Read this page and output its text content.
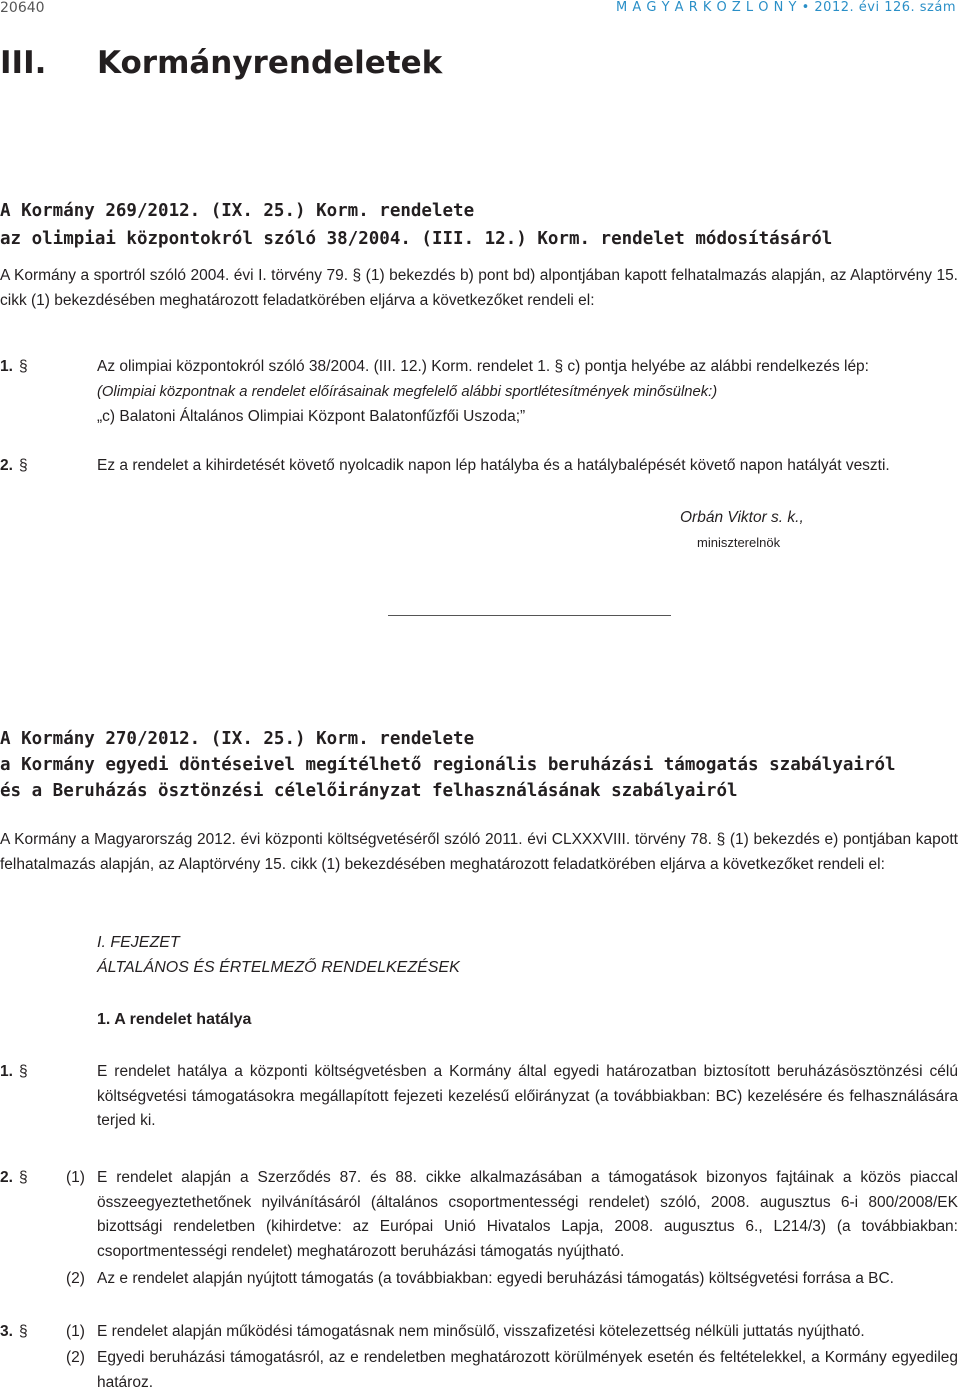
20640	M A G Y A R K Ö Z L Ö N Y • 2012. évi 126. szám
III. Kormányrendeletek
A Kormány 269/2012. (IX. 25.) Korm. rendelete
az olimpiai központokról szóló 38/2004. (III. 12.) Korm. rendelet módosításáról
A Kormány a sportról szóló 2004. évi I. törvény 79. § (1) bekezdés b) pont bd) alpontjában kapott felhatalmazás alapján, az Alaptörvény 15. cikk (1) bekezdésében meghatározott feladatkörében eljárva a következőket rendeli el:
1. §	Az olimpiai központokról szóló 38/2004. (III. 12.) Korm. rendelet 1. § c) pontja helyébe az alábbi rendelkezés lép:
(Olimpiai központnak a rendelet előírásainak megfelelő alábbi sportlétesítmények minősülnek:)
„c) Balatoni Általános Olimpiai Központ Balatonfűzfői Uszoda;”
2. §	Ez a rendelet a kihirdetését követő nyolcadik napon lép hatályba és a hatálybalépését követő napon hatályát veszti.
Orbán Viktor s. k.,
miniszterelnök
A Kormány 270/2012. (IX. 25.) Korm. rendelete
a Kormány egyedi döntéseivel megítélhető regionális beruházási támogatás szabályairól
és a Beruházás ösztönzési célelőirányzat felhasználásának szabályairól
A Kormány a Magyarország 2012. évi központi költségvetéséről szóló 2011. évi CLXXXVIII. törvény 78. § (1) bekezdés e) pontjában kapott felhatalmazás alapján, az Alaptörvény 15. cikk (1) bekezdésében meghatározott feladatkörében eljárva a következőket rendeli el:
I. FEJEZET
ÁLTALÁNOS ÉS ÉRTELMEZŐ RENDELKEZÉSEK
1. A rendelet hatálya
1. §	E rendelet hatálya a központi költségvetésben a Kormány által egyedi határozatban biztosított beruházásösztönzési célú költségvetési támogatásokra megállapított fejezeti kezelésű előirányzat (a továbbiakban: BC) kezelésére és felhasználására terjed ki.
2. § (1) E rendelet alapján a Szerződés 87. és 88. cikke alkalmazásában a támogatások bizonyos fajtáinak a közös piaccal összeegyeztethetőnek nyilvánításáról (általános csoportmentességi rendelet) szóló, 2008. augusztus 6-i 800/2008/EK bizottsági rendeletben (kihirdetve: az Európai Unió Hivatalos Lapja, 2008. augusztus 6., L214/3) (a továbbiakban: csoportmentességi rendelet) meghatározott beruházási támogatás nyújtható.
(2) Az e rendelet alapján nyújtott támogatás (a továbbiakban: egyedi beruházási támogatás) költségvetési forrása a BC.
3. § (1) E rendelet alapján működési támogatásnak nem minősülő, visszafizetési kötelezettség nélküli juttatás nyújtható.
(2) Egyedi beruházási támogatásról, az e rendeletben meghatározott körülmények esetén és feltételekkel, a Kormány egyedileg határoz.
